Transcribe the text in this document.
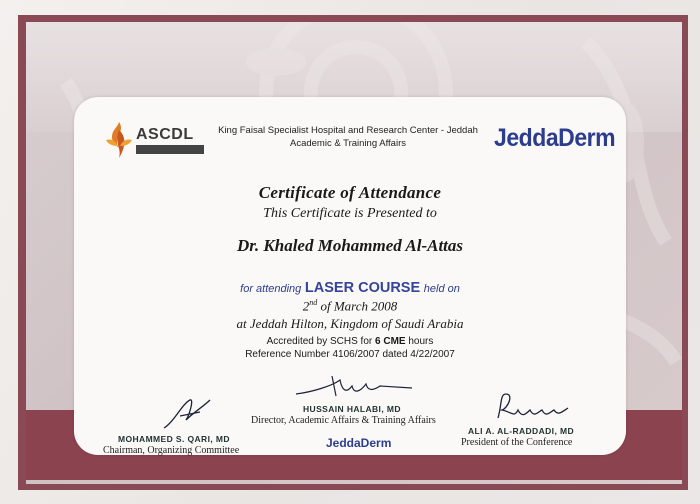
ASCDL	King Faisal Specialist Hospital and Research Center - Jeddah
Academic & Training Affairs	JeddaDerm
Certificate of Attendance
This Certificate is Presented to
Dr. Khaled Mohammed Al-Attas
for attending LASER COURSE held on
2nd of March 2008
at Jeddah Hilton, Kingdom of Saudi Arabia
Accredited by SCHS for 6 CME hours
Reference Number 4106/2007 dated 4/22/2007
MOHAMMED S. QARI, MD
Chairman, Organizing Committee
HUSSAIN HALABI, MD
Director, Academic Affairs & Training Affairs
ALI A. AL-RADDADI, MD
President of the Conference
JeddaDerm
